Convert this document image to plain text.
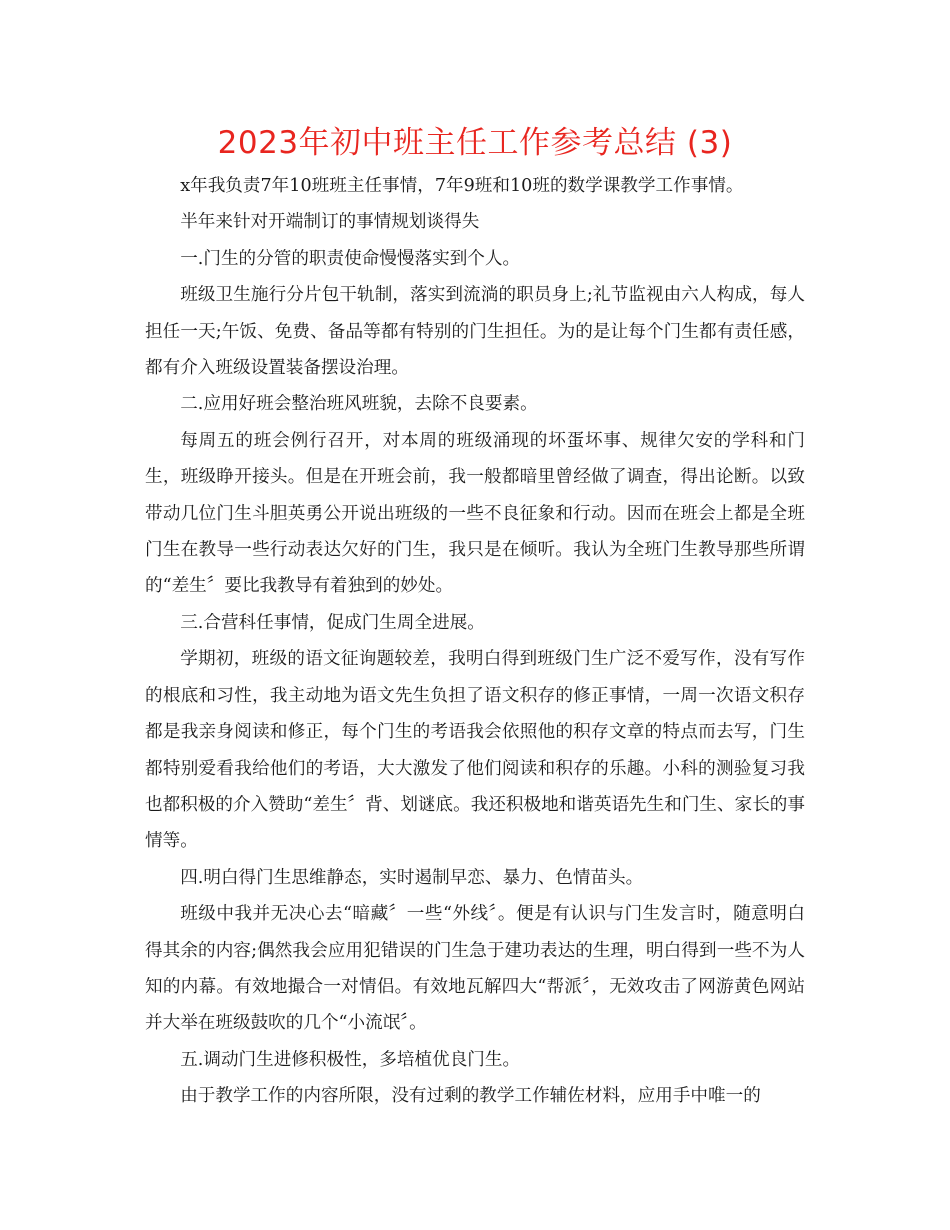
2023年初中班主任工作参考总结 (3)

x年我负责7年10班班主任事情，7年9班和10班的数学课教学工作事情。

半年来针对开端制订的事情规划谈得失

一.门生的分管的职责使命慢慢落实到个人。

班级卫生施行分片包干轨制，落实到流淌的职员身上;礼节监视由六人构成，每人担任一天;午饭、免费、备品等都有特别的门生担任。为的是让每个门生都有责任感，都有介入班级设置装备摆设治理。

二.应用好班会整治班风班貌，去除不良要素。

每周五的班会例行召开，对本周的班级涌现的坏蛋坏事、规律欠安的学科和门生，班级睁开接头。但是在开班会前，我一般都暗里曾经做了调查，得出论断。以致带动几位门生斗胆英勇公开说出班级的一些不良征象和行动。因而在班会上都是全班门生在教导一些行动表达欠好的门生，我只是在倾听。我认为全班门生教导那些所谓的“差生〞要比我教导有着独到的妙处。

三.合营科任事情，促成门生周全进展。

学期初，班级的语文征询题较差，我明白得到班级门生广泛不爱写作，没有写作的根底和习性，我主动地为语文先生负担了语文积存的修正事情，一周一次语文积存都是我亲身阅读和修正，每个门生的考语我会依照他的积存文章的特点而去写，门生都特别爱看我给他们的考语，大大激发了他们阅读和积存的乐趣。小科的测验复习我也都积极的介入赞助“差生〞背、划谜底。我还积极地和谐英语先生和门生、家长的事情等。

四.明白得门生思维静态，实时遏制早恋、暴力、色情苗头。

班级中我并无决心去“暗藏〞一些“外线〞。便是有认识与门生发言时，随意明白得其余的内容;偶然我会应用犯错误的门生急于建功表达的生理，明白得到一些不为人知的内幕。有效地撮合一对情侣。有效地瓦解四大“帮派〞，无效攻击了网游黄色网站并大举在班级鼓吹的几个“小流氓〞。

五.调动门生进修积极性，多培植优良门生。

由于教学工作的内容所限，没有过剩的教学工作辅佐材料，应用手中唯一的
